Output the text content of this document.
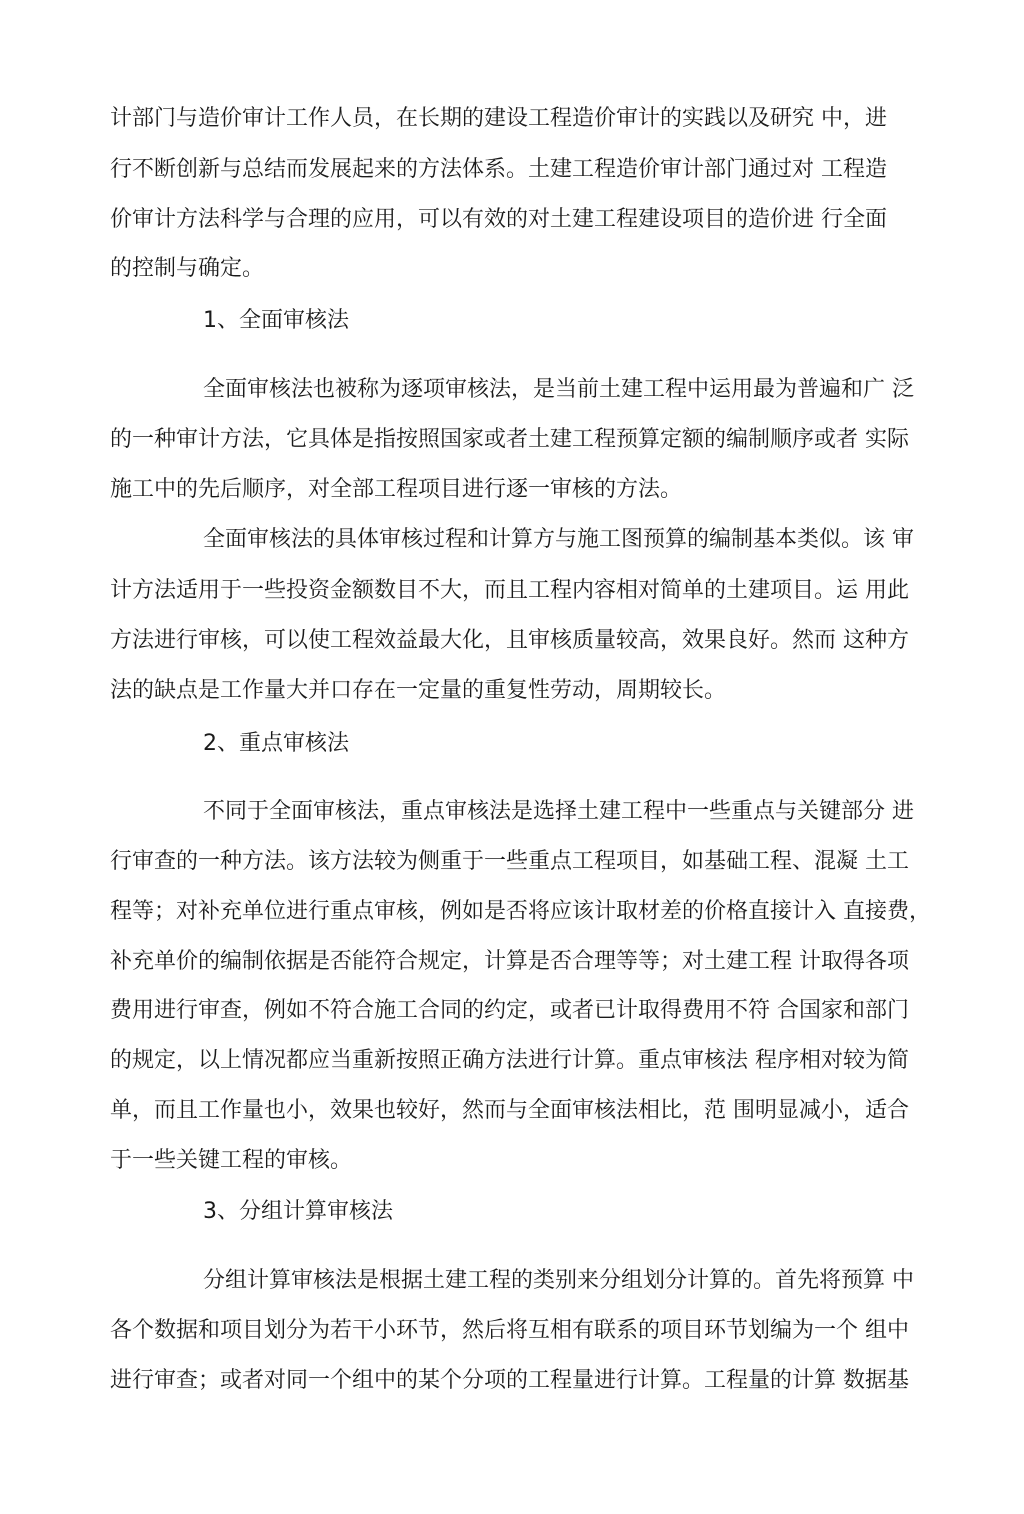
计部门与造价审计工作人员，在长期的建设工程造价审计的实践以及研究 中，进
行不断创新与总结而发展起来的方法体系。土建工程造价审计部门通过对 工程造
价审计方法科学与合理的应用，可以有效的对土建工程建设项目的造价进 行全面
的控制与确定。
1、全面审核法
全面审核法也被称为逐项审核法，是当前土建工程中运用最为普遍和广 泛
的一种审计方法，它具体是指按照国家或者土建工程预算定额的编制顺序或者 实际
施工中的先后顺序，对全部工程项目进行逐一审核的方法。
全面审核法的具体审核过程和计算方与施工图预算的编制基本类似。该 审
计方法适用于一些投资金额数目不大，而且工程内容相对简单的土建项目。运 用此
方法进行审核，可以使工程效益最大化，且审核质量较高，效果良好。然而 这种方
法的缺点是工作量大并口存在一定量的重复性劳动，周期较长。
2、重点审核法
不同于全面审核法，重点审核法是选择土建工程中一些重点与关键部分 进
行审查的一种方法。该方法较为侧重于一些重点工程项目，如基础工程、混凝 土工
程等；对补充单位进行重点审核，例如是否将应该计取材差的价格直接计入 直接费，
补充单价的编制依据是否能符合规定，计算是否合理等等；对土建工程 计取得各项
费用进行审查，例如不符合施工合同的约定，或者已计取得费用不符 合国家和部门
的规定，以上情况都应当重新按照正确方法进行计算。重点审核法 程序相对较为简
单，而且工作量也小，效果也较好，然而与全面审核法相比，范 围明显减小，适合
于一些关键工程的审核。
3、分组计算审核法
分组计算审核法是根据土建工程的类别来分组划分计算的。首先将预算 中
各个数据和项目划分为若干小环节，然后将互相有联系的项目环节划编为一个 组中
进行审查；或者对同一个组中的某个分项的工程量进行计算。工程量的计算 数据基
